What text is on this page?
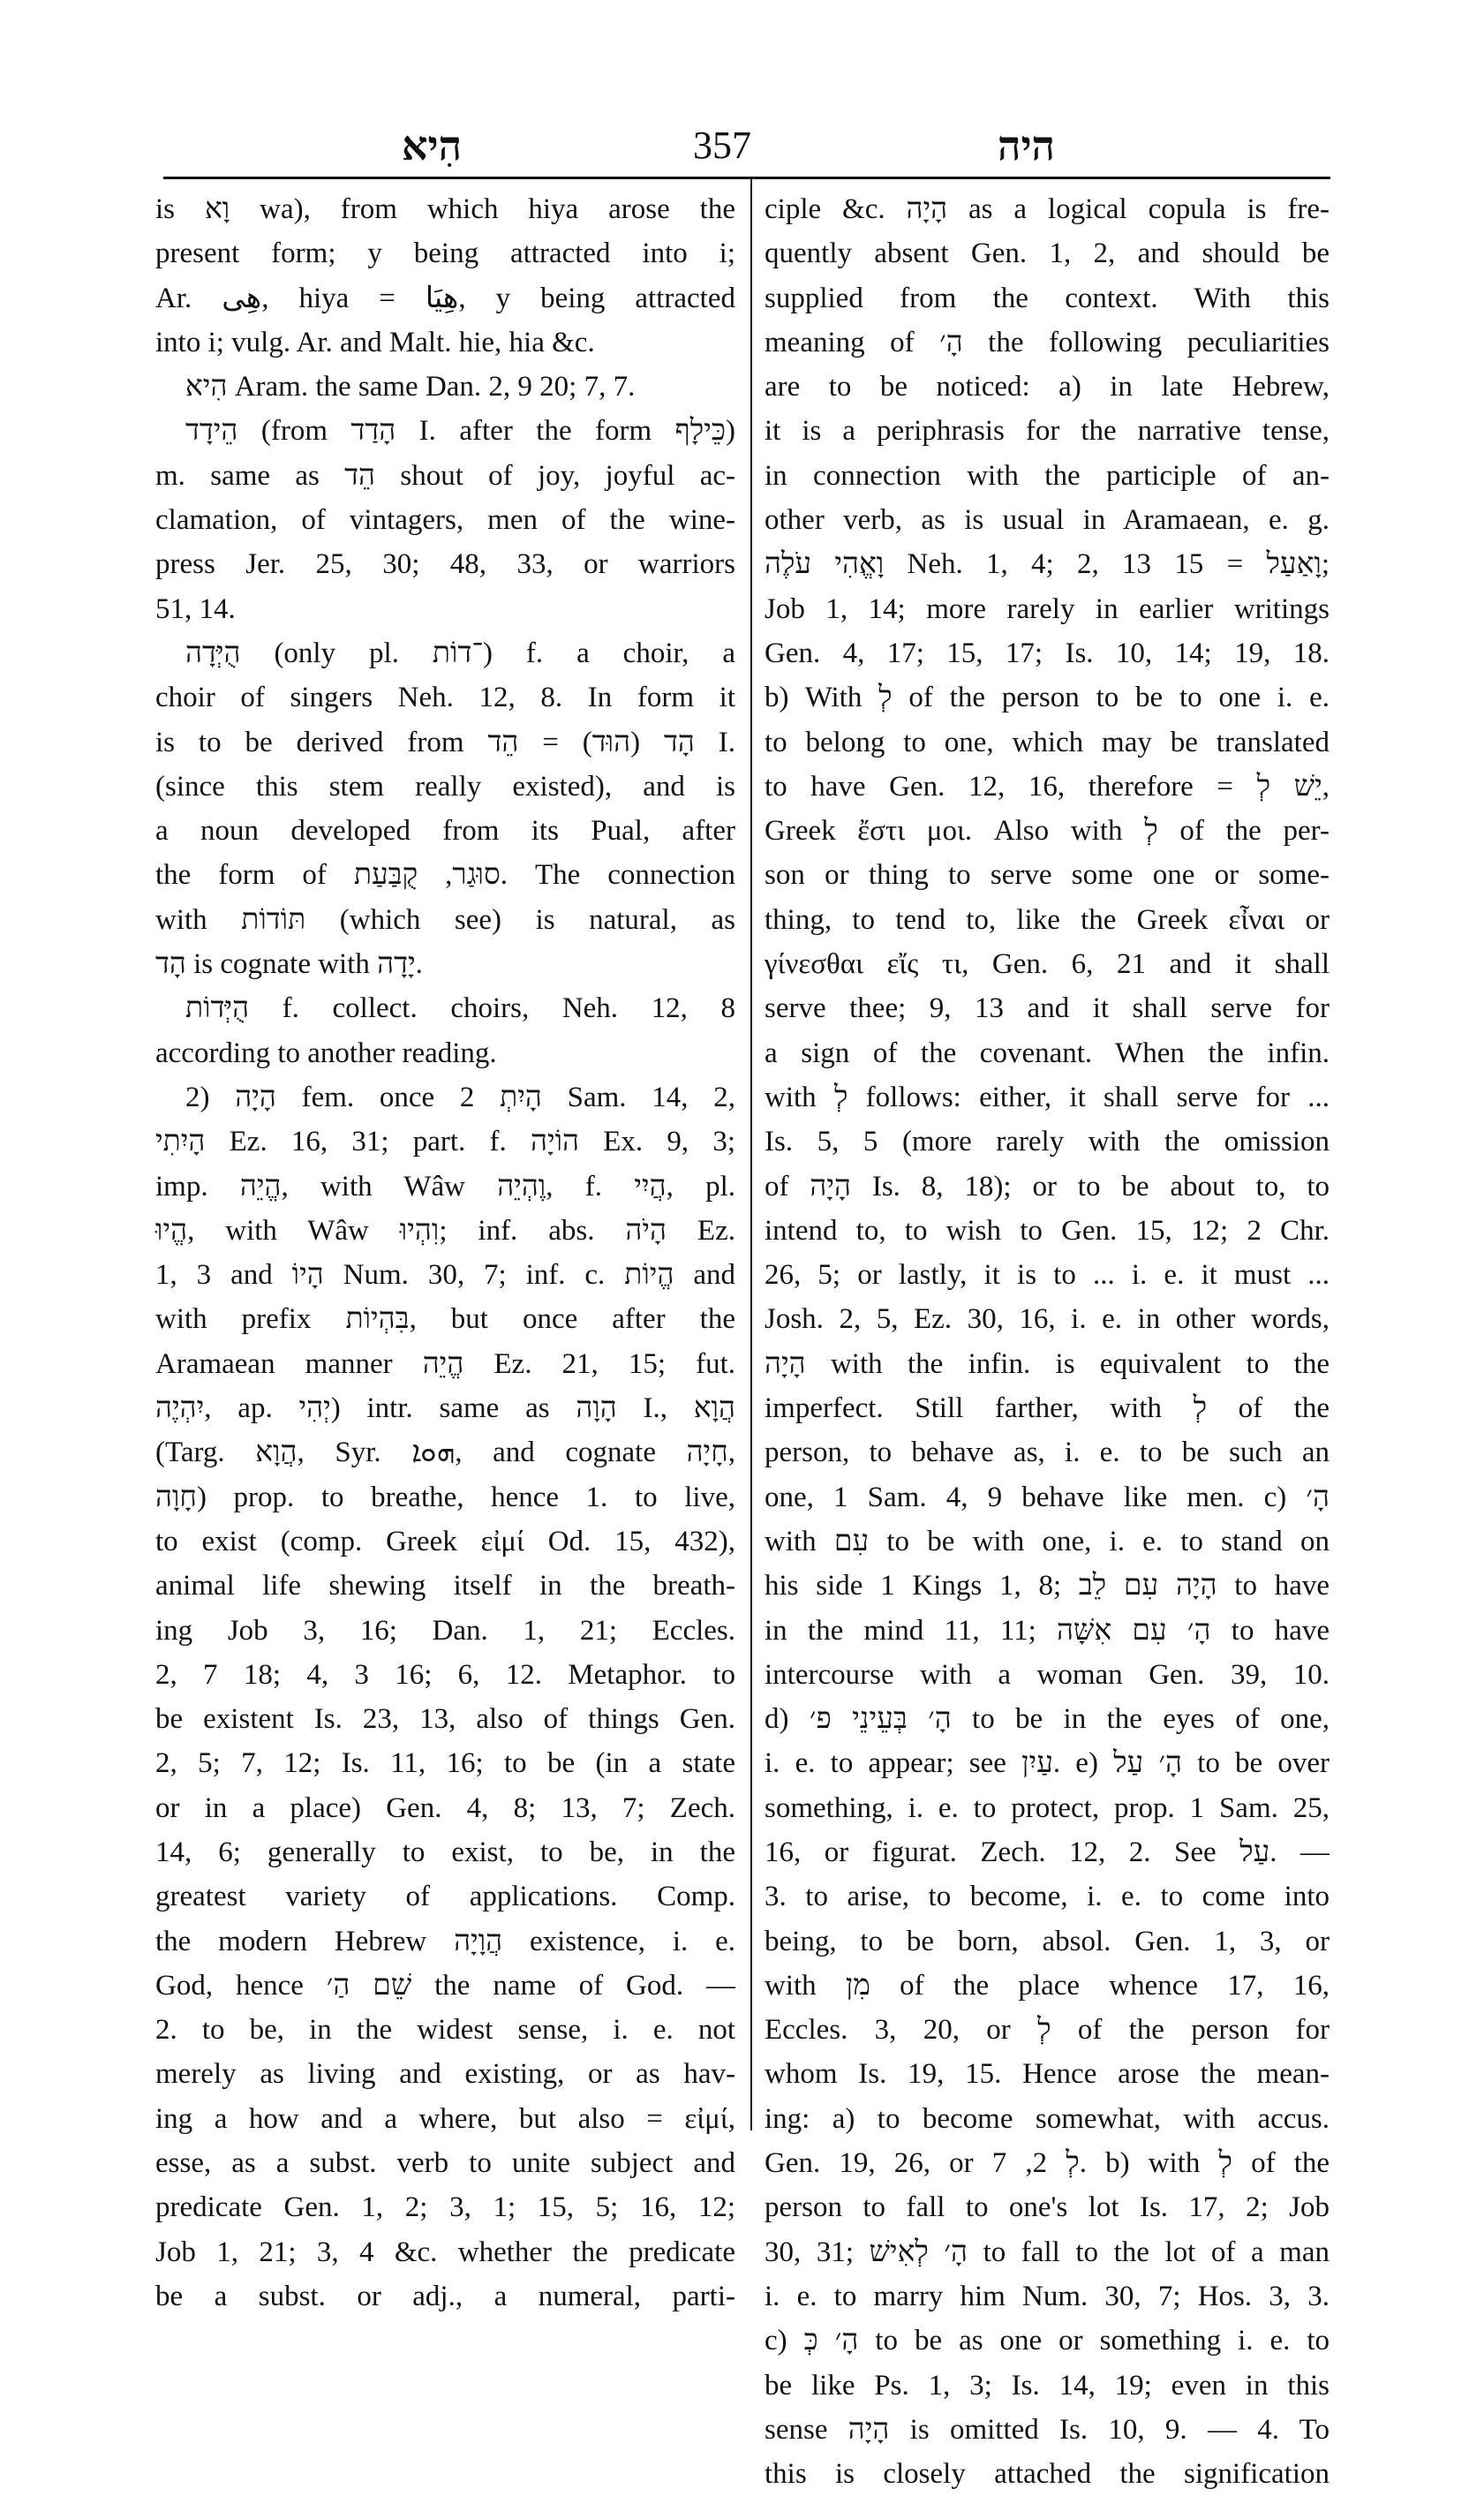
הִיא	357	היה
is וָא wa), from which hiya arose the
present form; y being attracted into i;
Ar. هِى, hiya = هِيَا, y being attracted
into i; vulg. Ar. and Malt. hie, hia &c.
הִיא Aram. the same Dan. 2, 9 20; 7, 7.
הֵידָד (from הָדַד I. after the form כֵּילָף)
m. same as הֵד shout of joy, joyful ac-
clamation, of vintagers, men of the wine-
press Jer. 25, 30; 48, 33, or warriors
51, 14.
הֻיְּדָה (only pl. ־דוֹת) f. a choir, a
choir of singers Neh. 12, 8. In form it
is to be derived from הָד (הוּד) = הֵד I.
(since this stem really existed), and is
a noun developed from its Pual, after
the form of סוּגַר, קֻבַּעַת. The connection
with תּוֹדוֹת (which see) is natural, as
הָד is cognate with יָדָה.
הֻיְּדוֹת f. collect. choirs, Neh. 12, 8
according to another reading.
הָיָה (2 fem. once הָיִתְ 2 Sam. 14, 2,
הָיִתִי Ez. 16, 31; part. f. הוֹיָה Ex. 9, 3;
imp. הֱיֵה, with Wâw וֶהְיֵה, f. הֲיִי, pl.
הֱיוּ, with Wâw וִהְיוּ; inf. abs. הָיֹה Ez.
1, 3 and הָיוֹ Num. 30, 7; inf. c. הֱיוֹת and
with prefix בִּהְיוֹת, but once after the
Aramaean manner הֱיֵה Ez. 21, 15; fut.
יִהְיֶה, ap. יְהִי) intr. same as הָוָה I., הֲוָא
(Targ. הֲוָא, Syr. ܗܘܐ, and cognate חָיָה,
חָוָה) prop. to breathe, hence 1. to live,
to exist (comp. Greek εἰμί Od. 15, 432),
animal life shewing itself in the breath-
ing Job 3, 16; Dan. 1, 21; Eccles.
2, 7 18; 4, 3 16; 6, 12. Metaphor. to
be existent Is. 23, 13, also of things Gen.
2, 5; 7, 12; Is. 11, 16; to be (in a state
or in a place) Gen. 4, 8; 13, 7; Zech.
14, 6; generally to exist, to be, in the
greatest variety of applications. Comp.
the modern Hebrew הֲוָיָה existence, i. e.
God, hence שֵׁם הַ׳ the name of God. —
2. to be, in the widest sense, i. e. not
merely as living and existing, or as hav-
ing a how and a where, but also = εἰμί,
esse, as a subst. verb to unite subject and
predicate Gen. 1, 2; 3, 1; 15, 5; 16, 12;
Job 1, 21; 3, 4 &c. whether the predicate
be a subst. or adj., a numeral, parti-
ciple &c. הָיָה as a logical copula is fre-
quently absent Gen. 1, 2, and should be
supplied from the context. With this
meaning of הָ׳ the following peculiarities
are to be noticed: a) in late Hebrew,
it is a periphrasis for the narrative tense,
in connection with the participle of an-
other verb, as is usual in Aramaean, e. g.
וָאֱהִי עֹלֶה Neh. 1, 4; 2, 13 15 = וָאַעַל;
Job 1, 14; more rarely in earlier writings
Gen. 4, 17; 15, 17; Is. 10, 14; 19, 18.
b) With לְ of the person to be to one i. e.
to belong to one, which may be translated
to have Gen. 12, 16, therefore = יֵשׁ לְ,
Greek ἔστι μοι. Also with לְ of the per-
son or thing to serve some one or some-
thing, to tend to, like the Greek εἶναι or
γίνεσθαι εἴς τι, Gen. 6, 21 and it shall
serve thee; 9, 13 and it shall serve for
a sign of the covenant. When the infin.
with לְ follows: either, it shall serve for ...
Is. 5, 5 (more rarely with the omission
of הָיָה Is. 8, 18); or to be about to, to
intend to, to wish to Gen. 15, 12; 2 Chr.
26, 5; or lastly, it is to ... i. e. it must ...
Josh. 2, 5, Ez. 30, 16, i. e. in other words,
הָיָה with the infin. is equivalent to the
imperfect. Still farther, with לְ of the
person, to behave as, i. e. to be such an
one, 1 Sam. 4, 9 behave like men. c) הָ׳
with עִם to be with one, i. e. to stand on
his side 1 Kings 1, 8; הָיָה עִם לֵב to have
in the mind 11, 11; הָ׳ עִם אִשָּׁה to have
intercourse with a woman Gen. 39, 10.
d) הָ׳ בְּעֵינֵי פ׳ to be in the eyes of one,
i. e. to appear; see עַיִן. e) הָ׳ עַל to be over
something, i. e. to protect, prop. 1 Sam. 25,
16, or figurat. Zech. 12, 2. See עַל. —
3. to arise, to become, i. e. to come into
being, to be born, absol. Gen. 1, 3, or
with מִן of the place whence 17, 16,
Eccles. 3, 20, or לְ of the person for
whom Is. 19, 15. Hence arose the mean-
ing: a) to become somewhat, with accus.
Gen. 19, 26, or לְ 2, 7. b) with לְ of the
person to fall to one's lot Is. 17, 2; Job
30, 31; הָ׳ לְאִישׁ to fall to the lot of a man
i. e. to marry him Num. 30, 7; Hos. 3, 3.
c) הָ׳ כְּ to be as one or something i. e. to
be like Ps. 1, 3; Is. 14, 19; even in this
sense הָיָה is omitted Is. 10, 9. — 4. To
this is closely attached the signification
